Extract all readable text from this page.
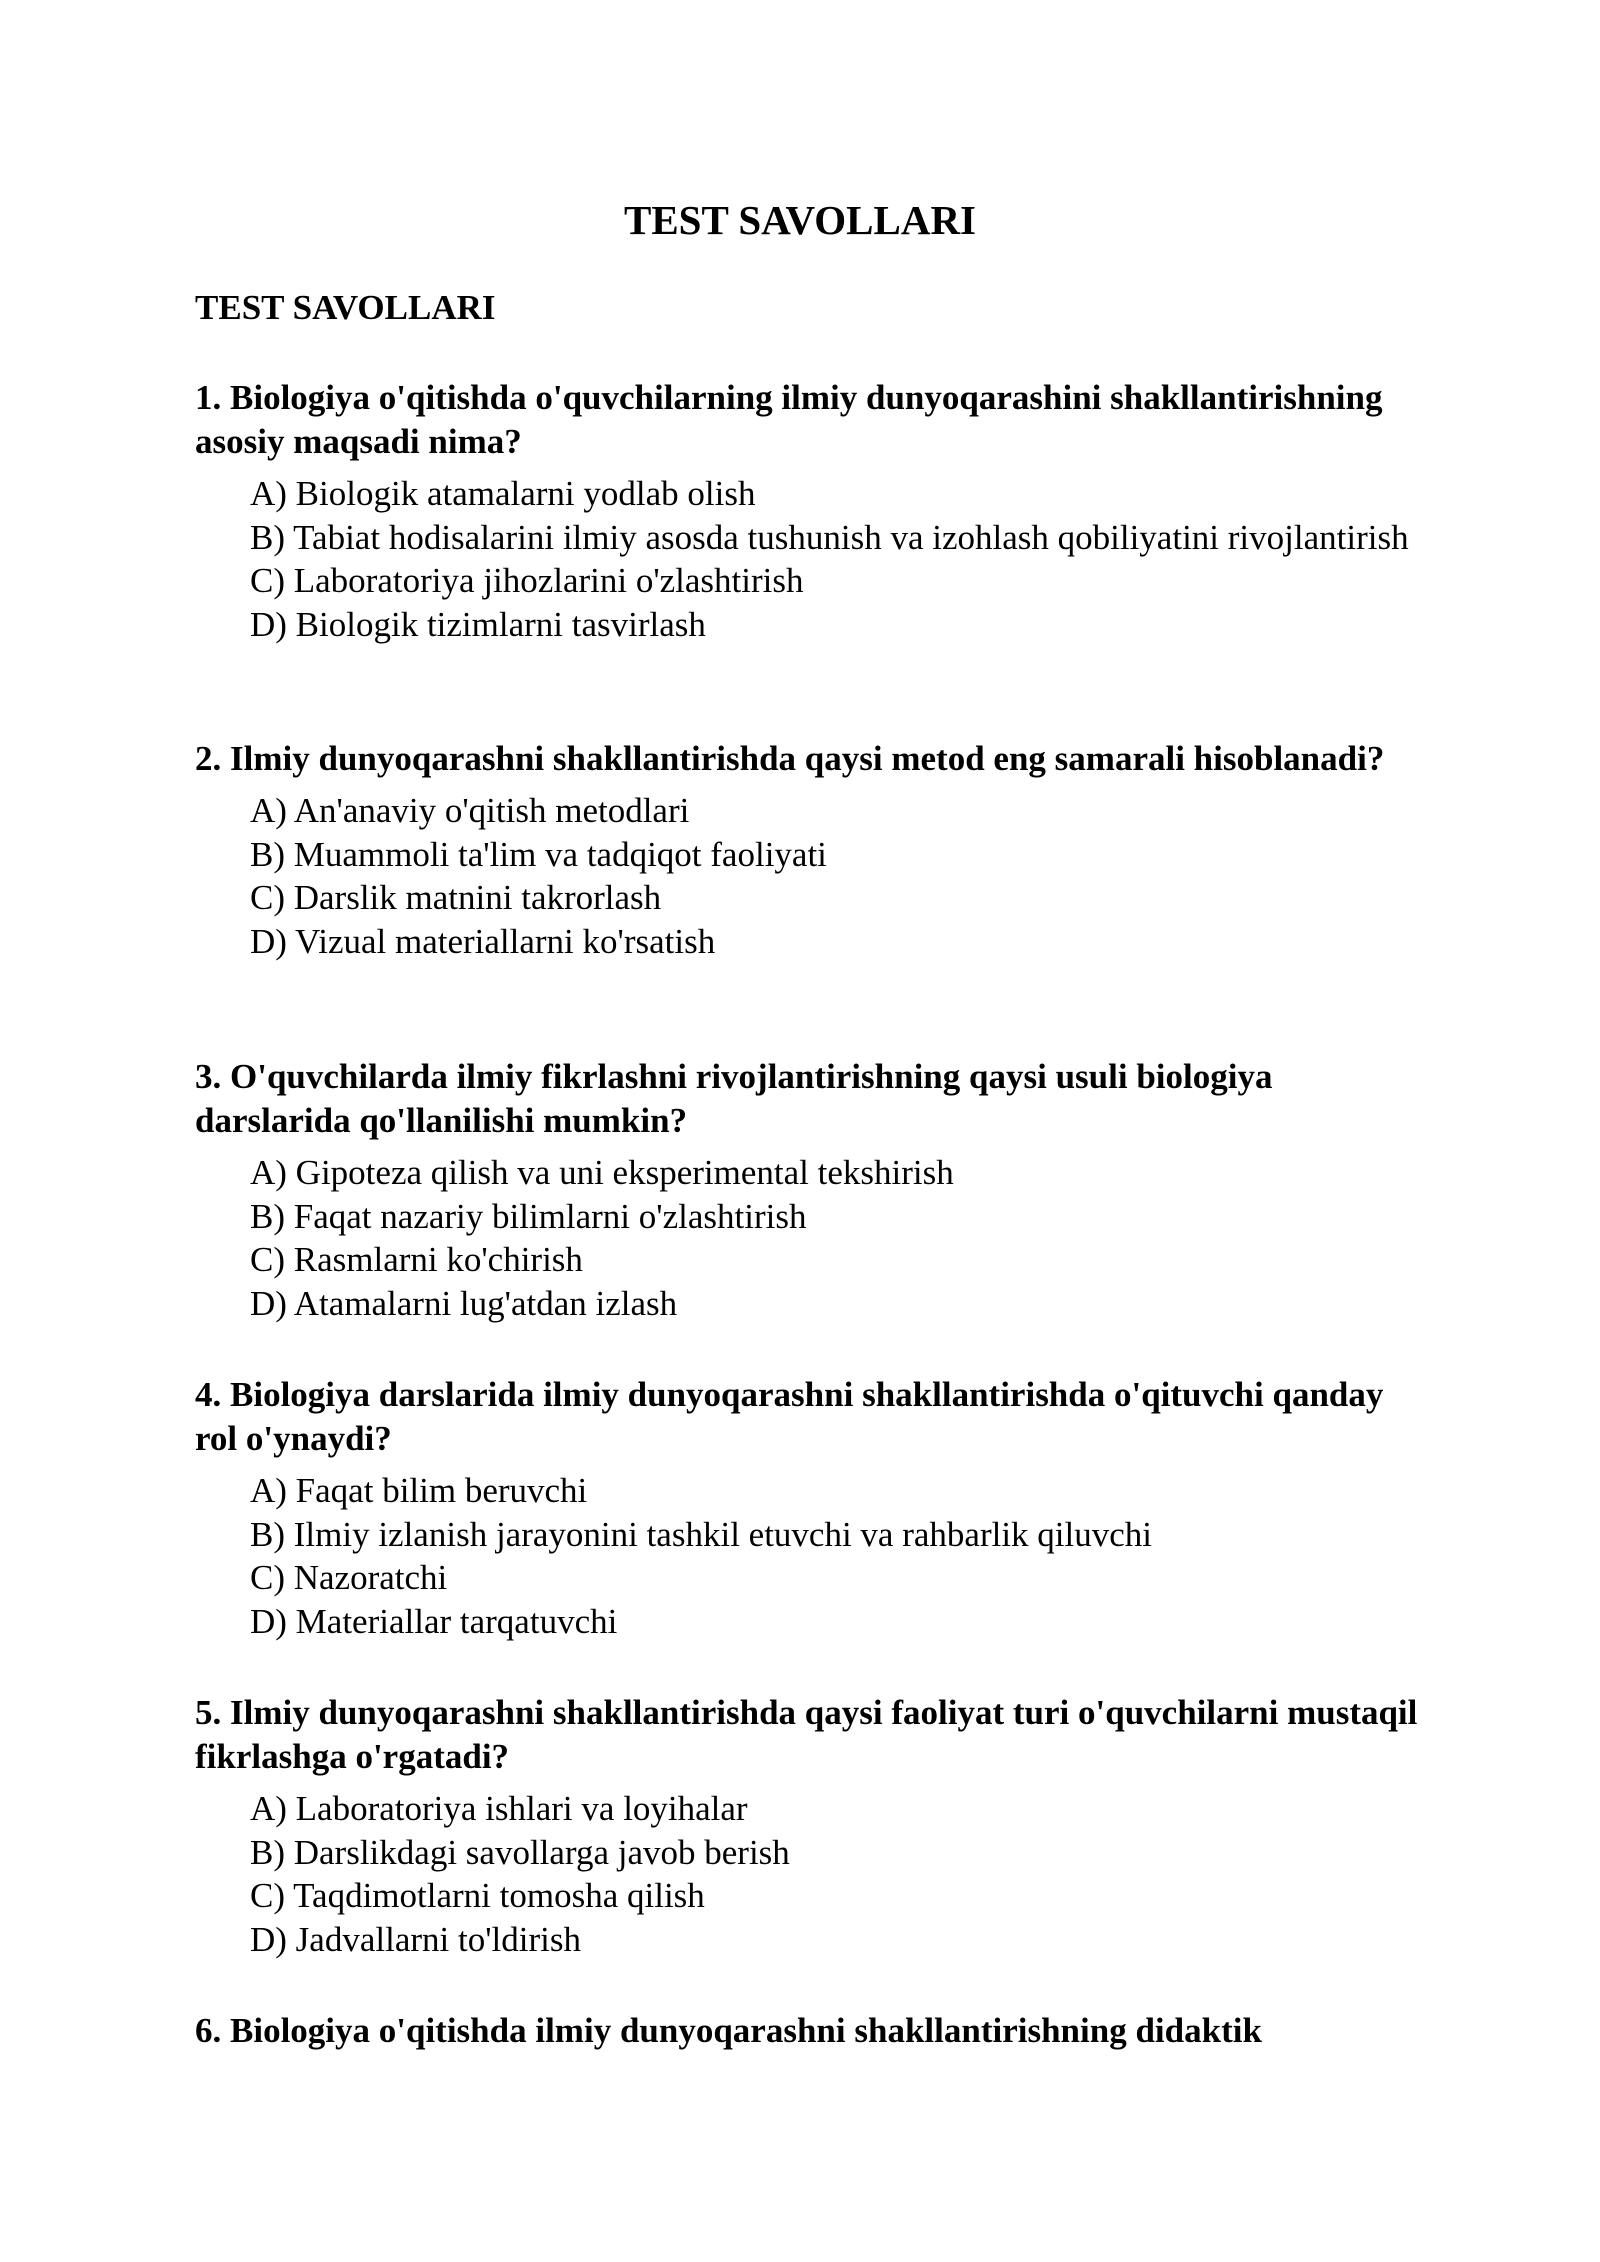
TEST SAVOLLARI
TEST SAVOLLARI

1. Biologiya o'qitishda o'quvchilarning ilmiy dunyoqarashini shakllantirishning asosiy maqsadi nima?

A) Biologik atamalarni yodlab olish
B) Tabiat hodisalarini ilmiy asosda tushunish va izohlash qobiliyatini rivojlantirish
C) Laboratoriya jihozlarini o'zlashtirish
D) Biologik tizimlarni tasvirlash

2. Ilmiy dunyoqarashni shakllantirishda qaysi metod eng samarali hisoblanadi?

A) An'anaviy o'qitish metodlari
B) Muammoli ta'lim va tadqiqot faoliyati
C) Darslik matnini takrorlash
D) Vizual materiallarni ko'rsatish

3. O'quvchilarda ilmiy fikrlashni rivojlantirishning qaysi usuli biologiya darslarida qo'llanilishi mumkin?

A) Gipoteza qilish va uni eksperimental tekshirish
B) Faqat nazariy bilimlarni o'zlashtirish
C) Rasmlarni ko'chirish
D) Atamalarni lug'atdan izlash

4. Biologiya darslarida ilmiy dunyoqarashni shakllantirishda o'qituvchi qanday rol o'ynaydi?

A) Faqat bilim beruvchi
B) Ilmiy izlanish jarayonini tashkil etuvchi va rahbarlik qiluvchi
C) Nazoratchi
D) Materiallar tarqatuvchi

5. Ilmiy dunyoqarashni shakllantirishda qaysi faoliyat turi o'quvchilarni mustaqil fikrlashga o'rgatadi?

A) Laboratoriya ishlari va loyihalar
B) Darslikdagi savollarga javob berish
C) Taqdimotlarni tomosha qilish
D) Jadvallarni to'ldirish

6. Biologiya o'qitishda ilmiy dunyoqarashni shakllantirishning didaktik
